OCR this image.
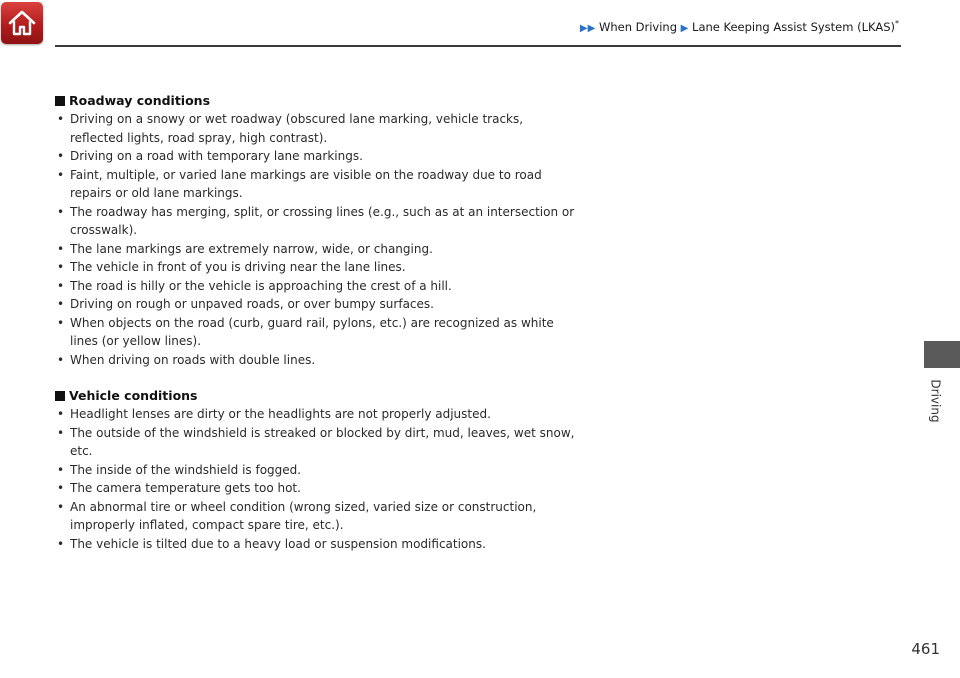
▶▶ When Driving ▶ Lane Keeping Assist System (LKAS)*
Driving
Roadway conditions
• Driving on a snowy or wet roadway (obscured lane marking, vehicle tracks, reflected lights, road spray, high contrast).
• Driving on a road with temporary lane markings.
• Faint, multiple, or varied lane markings are visible on the roadway due to road repairs or old lane markings.
• The roadway has merging, split, or crossing lines (e.g., such as at an intersection or crosswalk).
• The lane markings are extremely narrow, wide, or changing.
• The vehicle in front of you is driving near the lane lines.
• The road is hilly or the vehicle is approaching the crest of a hill.
• Driving on rough or unpaved roads, or over bumpy surfaces.
• When objects on the road (curb, guard rail, pylons, etc.) are recognized as white lines (or yellow lines).
• When driving on roads with double lines.
Vehicle conditions
• Headlight lenses are dirty or the headlights are not properly adjusted.
• The outside of the windshield is streaked or blocked by dirt, mud, leaves, wet snow, etc.
• The inside of the windshield is fogged.
• The camera temperature gets too hot.
• An abnormal tire or wheel condition (wrong sized, varied size or construction, improperly inflated, compact spare tire, etc.).
• The vehicle is tilted due to a heavy load or suspension modifications.
461
